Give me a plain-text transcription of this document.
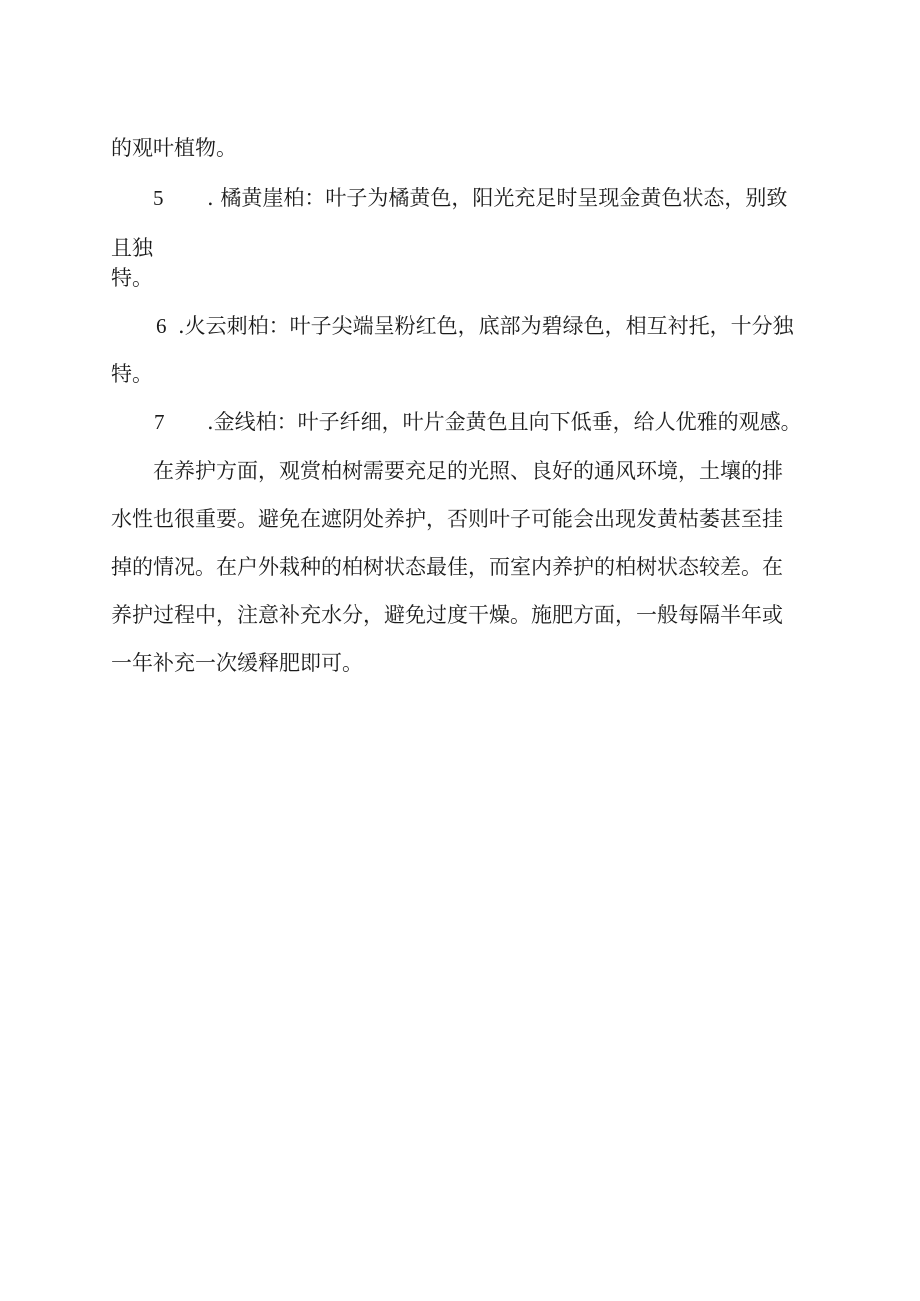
的观叶植物。
5 . 橘黄崖柏：叶子为橘黄色，阳光充足时呈现金黄色状态，别致
且独
特。
6 .火云刺柏：叶子尖端呈粉红色，底部为碧绿色，相互衬托，十分独
特。
7 .金线柏：叶子纤细，叶片金黄色且向下低垂，给人优雅的观感。
在养护方面，观赏柏树需要充足的光照、良好的通风环境，土壤的排
水性也很重要。避免在遮阴处养护，否则叶子可能会出现发黄枯萎甚至挂
掉的情况。在户外栽种的柏树状态最佳，而室内养护的柏树状态较差。在
养护过程中，注意补充水分，避免过度干燥。施肥方面，一般每隔半年或
一年补充一次缓释肥即可。
